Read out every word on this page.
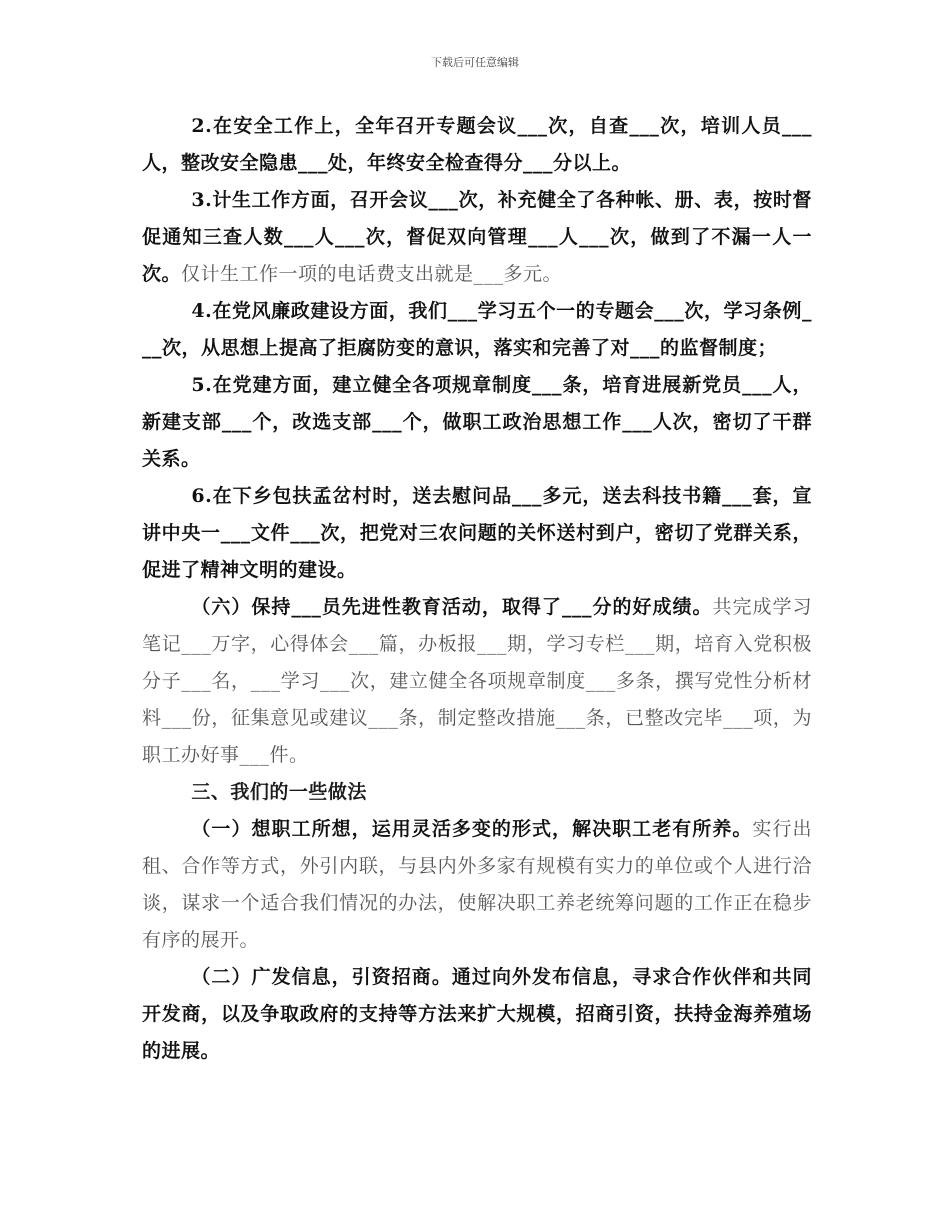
下载后可任意编辑

2.在安全工作上，全年召开专题会议___次，自查___次，培训人员___人，整改安全隐患___处，年终安全检查得分___分以上。

3.计生工作方面，召开会议___次，补充健全了各种帐、册、表，按时督促通知三查人数___人___次，督促双向管理___人___次，做到了不漏一人一次。仅计生工作一项的电话费支出就是___多元。

4.在党风廉政建设方面，我们___学习五个一的专题会___次，学习条例___次，从思想上提高了拒腐防变的意识，落实和完善了对___的监督制度；

5.在党建方面，建立健全各项规章制度___条，培育进展新党员___人，新建支部___个，改选支部___个，做职工政治思想工作___人次，密切了干群关系。

6.在下乡包扶孟岔村时，送去慰问品___多元，送去科技书籍___套，宣讲中央一___文件___次，把党对三农问题的关怀送村到户，密切了党群关系，促进了精神文明的建设。

（六）保持___员先进性教育活动，取得了___分的好成绩。共完成学习笔记___万字，心得体会___篇，办板报___期，学习专栏___期，培育入党积极分子___名，___学习___次，建立健全各项规章制度___多条，撰写党性分析材料___份，征集意见或建议___条，制定整改措施___条，已整改完毕___项，为职工办好事___件。

三、我们的一些做法

（一）想职工所想，运用灵活多变的形式，解决职工老有所养。实行出租、合作等方式，外引内联，与县内外多家有规模有实力的单位或个人进行洽谈，谋求一个适合我们情况的办法，使解决职工养老统筹问题的工作正在稳步有序的展开。

（二）广发信息，引资招商。通过向外发布信息，寻求合作伙伴和共同开发商，以及争取政府的支持等方法来扩大规模，招商引资，扶持金海养殖场的进展。
